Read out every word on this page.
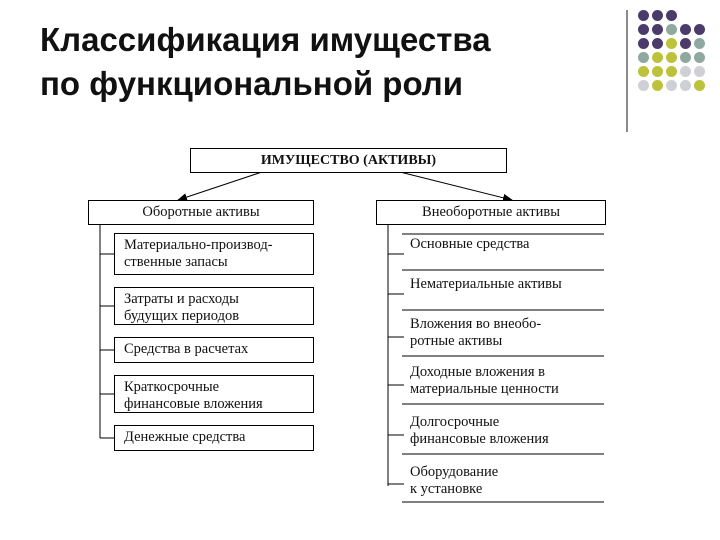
Классификация имущества
по функциональной роли
ИМУЩЕСТВО (АКТИВЫ)
Оборотные активы	Внеоборотные активы
Материально-производ-
ственные запасы
Затраты и расходы
будущих периодов
Средства в расчетах
Краткосрочные
финансовые вложения
Денежные средства
Основные средства
Нематериальные активы
Вложения во внеобо-
ротные активы
Доходные вложения в
материальные ценности
Долгосрочные
финансовые вложения
Оборудование
к установке
